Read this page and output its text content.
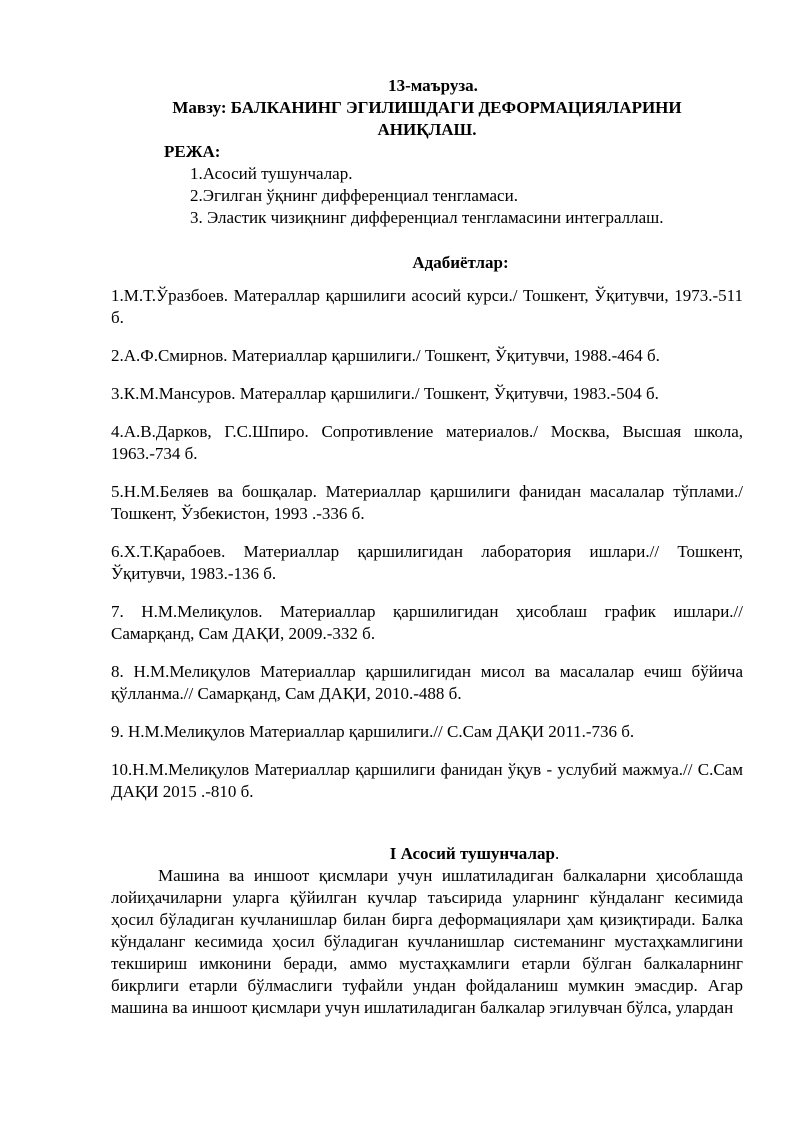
13-маъруза.
Мавзу: БАЛКАНИНГ ЭГИЛИШДАГИ ДЕФОРМАЦИЯЛАРИНИ
АНИҚЛАШ.
РЕЖА:
1.Асосий тушунчалар.
2.Эгилган ўқнинг дифференциал тенгламаси.
3. Эластик чизиқнинг дифференциал тенгламасини интеграллаш.
Адабиётлар:
1.М.Т.Ўразбоев. Матераллар қаршилиги асосий курси./ Тошкент, Ўқитувчи, 1973.-511 б.
2.А.Ф.Смирнов. Материаллар қаршилиги./ Тошкент, Ўқитувчи, 1988.-464 б.
3.К.М.Мансуров. Матераллар қаршилиги./ Тошкент, Ўқитувчи, 1983.-504 б.
4.А.В.Дарков, Г.С.Шпиро. Сопротивление материалов./ Москва, Высшая школа, 1963.-734 б.
5.Н.М.Беляев ва бошқалар. Материаллар қаршилиги фанидан масалалар тўплами./ Тошкент, Ўзбекистон, 1993 .-336 б.
6.Х.Т.Қарабоев. Материаллар қаршилигидан лаборатория ишлари.// Тошкент, Ўқитувчи, 1983.-136 б.
7. Н.М.Мелиқулов. Материаллар қаршилигидан ҳисоблаш график ишлари.// Самарқанд, Сам ДАҚИ, 2009.-332 б.
8. Н.М.Мелиқулов Материаллар қаршилигидан мисол ва масалалар ечиш бўйича қўлланма.// Самарқанд, Сам ДАҚИ, 2010.-488 б.
9. Н.М.Мелиқулов Материаллар қаршилиги.// С.Сам ДАҚИ 2011.-736 б.
10.Н.М.Мелиқулов Материаллар қаршилиги фанидан ўқув - услубий мажмуа.// С.Сам ДАҚИ 2015 .-810 б.
I Асосий тушунчалар.

Машина ва иншоот қисмлари учун ишлатиладиган балкаларни ҳисоблашда лойиҳачиларни уларга қўйилган кучлар таъсирида уларнинг кўндаланг кесимида ҳосил бўладиган кучланишлар билан бирга деформациялари ҳам қизиқтиради. Балка кўндаланг кесимида ҳосил бўладиган кучланишлар системанинг мустаҳкамлигини текшириш имконини беради, аммо мустаҳкамлиги етарли бўлган балкаларнинг бикрлиги етарли бўлмаслиги туфайли ундан фойдаланиш мумкин эмасдир. Агар машина ва иншоот қисмлари учун ишлатиладиган балкалар эгилувчан бўлса, улардан
